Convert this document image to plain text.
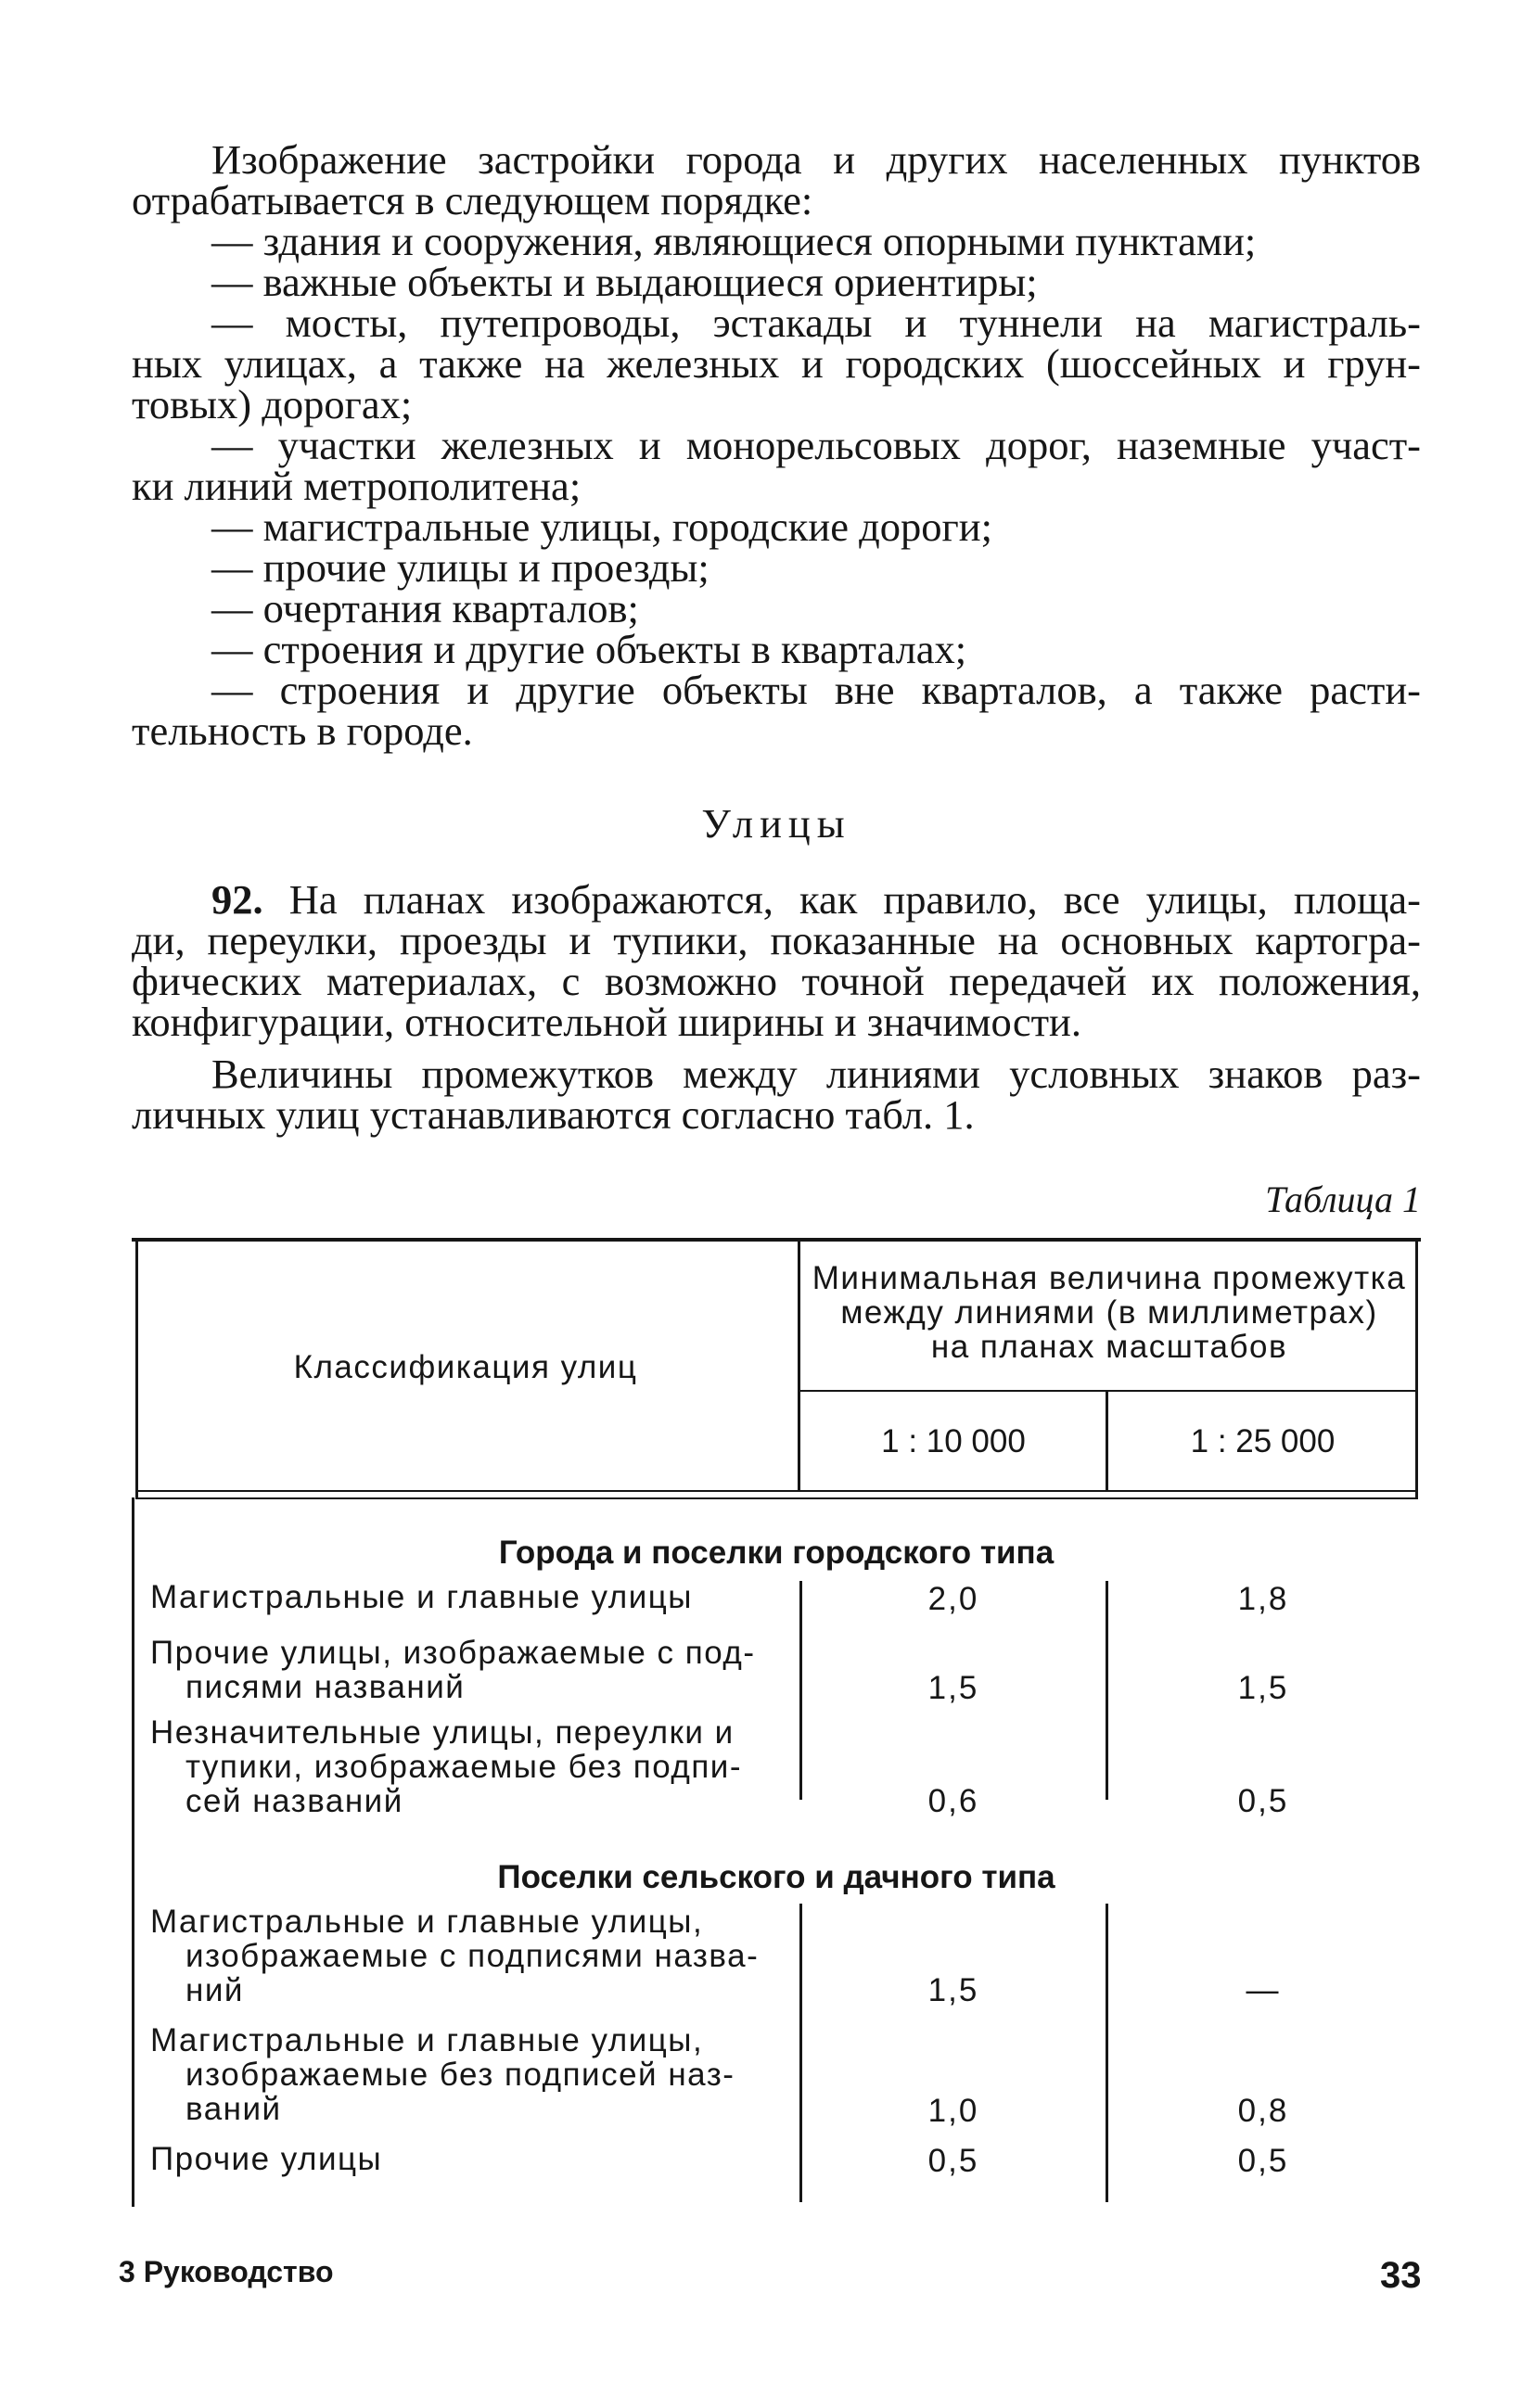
Изображение застройки города и других населенных пунктов

отрабатывается в следующем порядке:

— здания и сооружения, являющиеся опорными пунктами;

— важные объекты и выдающиеся ориентиры;

— мосты, путепроводы, эстакады и туннели на магистраль-

ных улицах, а также на железных и городских (шоссейных и грун-

товых) дорогах;

— участки железных и монорельсовых дорог, наземные участ-

ки линий метрополитена;

— магистральные улицы, городские дороги;

— прочие улицы и проезды;

— очертания кварталов;

— строения и другие объекты в кварталах;

— строения и другие объекты вне кварталов, а также расти-

тельность в городе.

Улицы

92. На планах изображаются, как правило, все улицы, площа-

ди, переулки, проезды и тупики, показанные на основных картогра-

фических материалах, с возможно точной передачей их положения,

конфигурации, относительной ширины и значимости.

Величины промежутков между линиями условных знаков раз-

личных улиц устанавливаются согласно табл. 1.

Таблица 1

Классификация улиц
Минимальная величина промежутка
между линиями (в миллиметрах)
на планах масштабов
1 : 10 000	1 : 25 000
Города и поселки городского типа
Магистральные и главные улицы	2,0	1,8
Прочие улицы, изображаемые с под-
писями названий	1,5	1,5
Незначительные улицы, переулки и
тупики, изображаемые без подпи-
сей названий	0,6	0,5
Поселки сельского и дачного типа
Магистральные и главные улицы,
изображаемые с подписями назва-
ний	1,5	—
Магистральные и главные улицы,
изображаемые без подписей наз-
ваний	1,0	0,8
Прочие улицы	0,5	0,5

3 Руководство	33
